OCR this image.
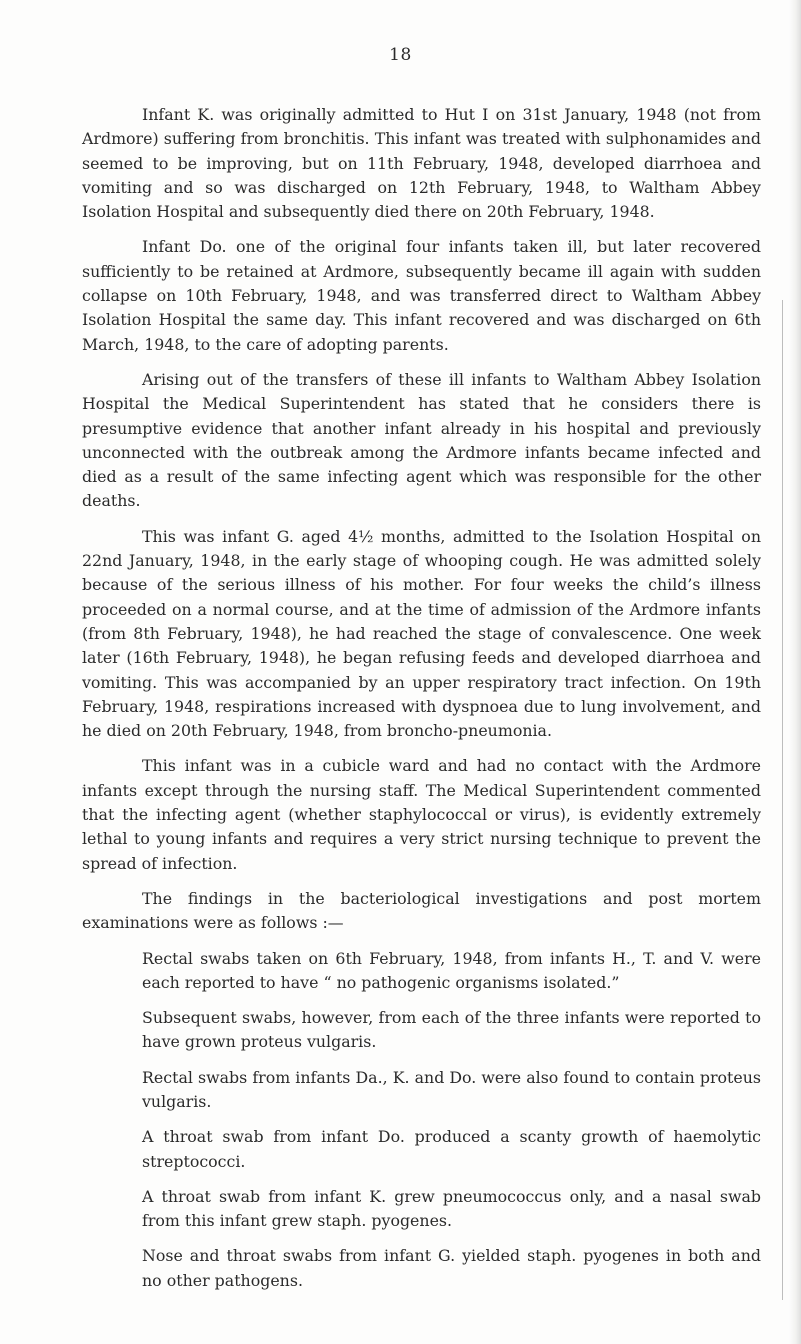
18

Infant K. was originally admitted to Hut I on 31st January, 1948 (not from Ardmore) suffering from bronchitis. This infant was treated with sulphonamides and seemed to be improving, but on 11th February, 1948, developed diarrhoea and vomiting and so was discharged on 12th February, 1948, to Waltham Abbey Isolation Hospital and subsequently died there on 20th February, 1948.

Infant Do. one of the original four infants taken ill, but later recovered sufficiently to be retained at Ardmore, subsequently became ill again with sudden collapse on 10th February, 1948, and was transferred direct to Waltham Abbey Isolation Hospital the same day. This infant recovered and was discharged on 6th March, 1948, to the care of adopting parents.

Arising out of the transfers of these ill infants to Waltham Abbey Isolation Hospital the Medical Superintendent has stated that he considers there is presumptive evidence that another infant already in his hospital and previously unconnected with the outbreak among the Ardmore infants became infected and died as a result of the same infecting agent which was responsible for the other deaths.

This was infant G. aged 4½ months, admitted to the Isolation Hospital on 22nd January, 1948, in the early stage of whooping cough. He was admitted solely because of the serious illness of his mother. For four weeks the child’s illness proceeded on a normal course, and at the time of admission of the Ardmore infants (from 8th February, 1948), he had reached the stage of convalescence. One week later (16th February, 1948), he began refusing feeds and developed diarrhoea and vomiting. This was accompanied by an upper respiratory tract infection. On 19th February, 1948, respirations increased with dyspnoea due to lung involvement, and he died on 20th February, 1948, from broncho-pneumonia.

This infant was in a cubicle ward and had no contact with the Ardmore infants except through the nursing staff. The Medical Superintendent commented that the infecting agent (whether staphylococcal or virus), is evidently extremely lethal to young infants and requires a very strict nursing technique to prevent the spread of infection.

The findings in the bacteriological investigations and post mortem examinations were as follows :—

Rectal swabs taken on 6th February, 1948, from infants H., T. and V. were each reported to have “ no pathogenic organisms isolated.”

Subsequent swabs, however, from each of the three infants were reported to have grown proteus vulgaris.

Rectal swabs from infants Da., K. and Do. were also found to contain proteus vulgaris.

A throat swab from infant Do. produced a scanty growth of haemolytic streptococci.

A throat swab from infant K. grew pneumococcus only, and a nasal swab from this infant grew staph. pyogenes.

Nose and throat swabs from infant G. yielded staph. pyogenes in both and no other pathogens.
